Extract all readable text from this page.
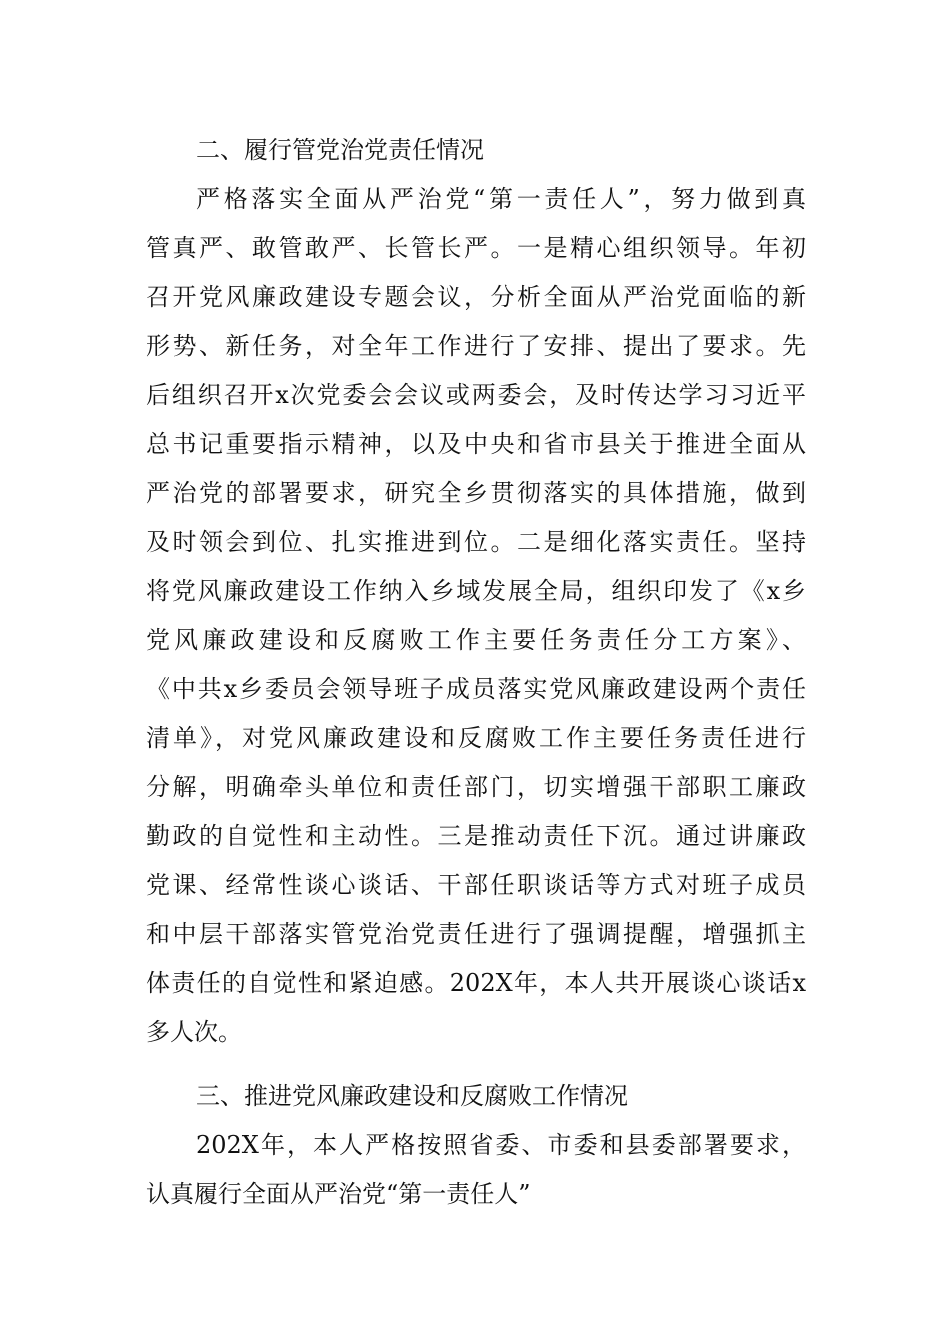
二、履行管党治党责任情况
严格落实全面从严治党“第一责任人”，努力做到真
管真严、敢管敢严、长管长严。一是精心组织领导。年初
召开党风廉政建设专题会议，分析全面从严治党面临的新
形势、新任务，对全年工作进行了安排、提出了要求。先
后组织召开x次党委会会议或两委会，及时传达学习习近平
总书记重要指示精神，以及中央和省市县关于推进全面从
严治党的部署要求，研究全乡贯彻落实的具体措施，做到
及时领会到位、扎实推进到位。二是细化落实责任。坚持
将党风廉政建设工作纳入乡域发展全局，组织印发了《x乡
党风廉政建设和反腐败工作主要任务责任分工方案》、
《中共x乡委员会领导班子成员落实党风廉政建设两个责任
清单》，对党风廉政建设和反腐败工作主要任务责任进行
分解，明确牵头单位和责任部门，切实增强干部职工廉政
勤政的自觉性和主动性。三是推动责任下沉。通过讲廉政
党课、经常性谈心谈话、干部任职谈话等方式对班子成员
和中层干部落实管党治党责任进行了强调提醒，增强抓主
体责任的自觉性和紧迫感。202X年，本人共开展谈心谈话x
多人次。
三、推进党风廉政建设和反腐败工作情况
202X年，本人严格按照省委、市委和县委部署要求，
认真履行全面从严治党“第一责任人”
